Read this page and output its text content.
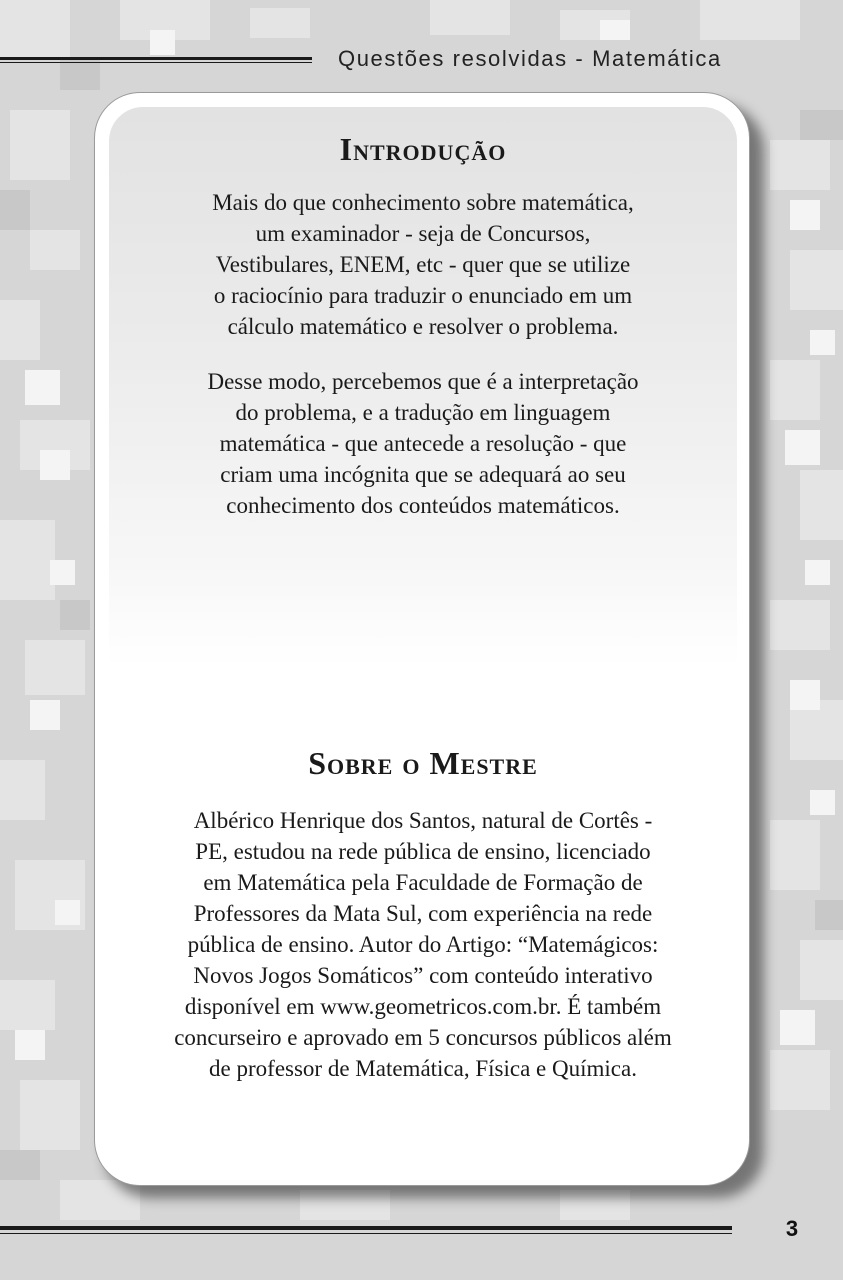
Questões resolvidas - Matemática
Introdução

Mais do que conhecimento sobre matemática,
um examinador - seja de Concursos,
Vestibulares, ENEM, etc - quer que se utilize
o raciocínio para traduzir o enunciado em um
cálculo matemático e resolver o problema.

Desse modo, percebemos que é a interpretação
do problema, e a tradução em linguagem
matemática - que antecede a resolução - que
criam uma incógnita que se adequará ao seu
conhecimento dos conteúdos matemáticos.

Sobre o Mestre

Albérico Henrique dos Santos, natural de Cortês -
PE, estudou na rede pública de ensino, licenciado
em Matemática pela Faculdade de Formação de
Professores da Mata Sul, com experiência na rede
pública de ensino. Autor do Artigo: “Matemágicos:
Novos Jogos Somáticos” com conteúdo interativo
disponível em www.geometricos.com.br. É também
concurseiro e aprovado em 5 concursos públicos além
de professor de Matemática, Física e Química.

3
